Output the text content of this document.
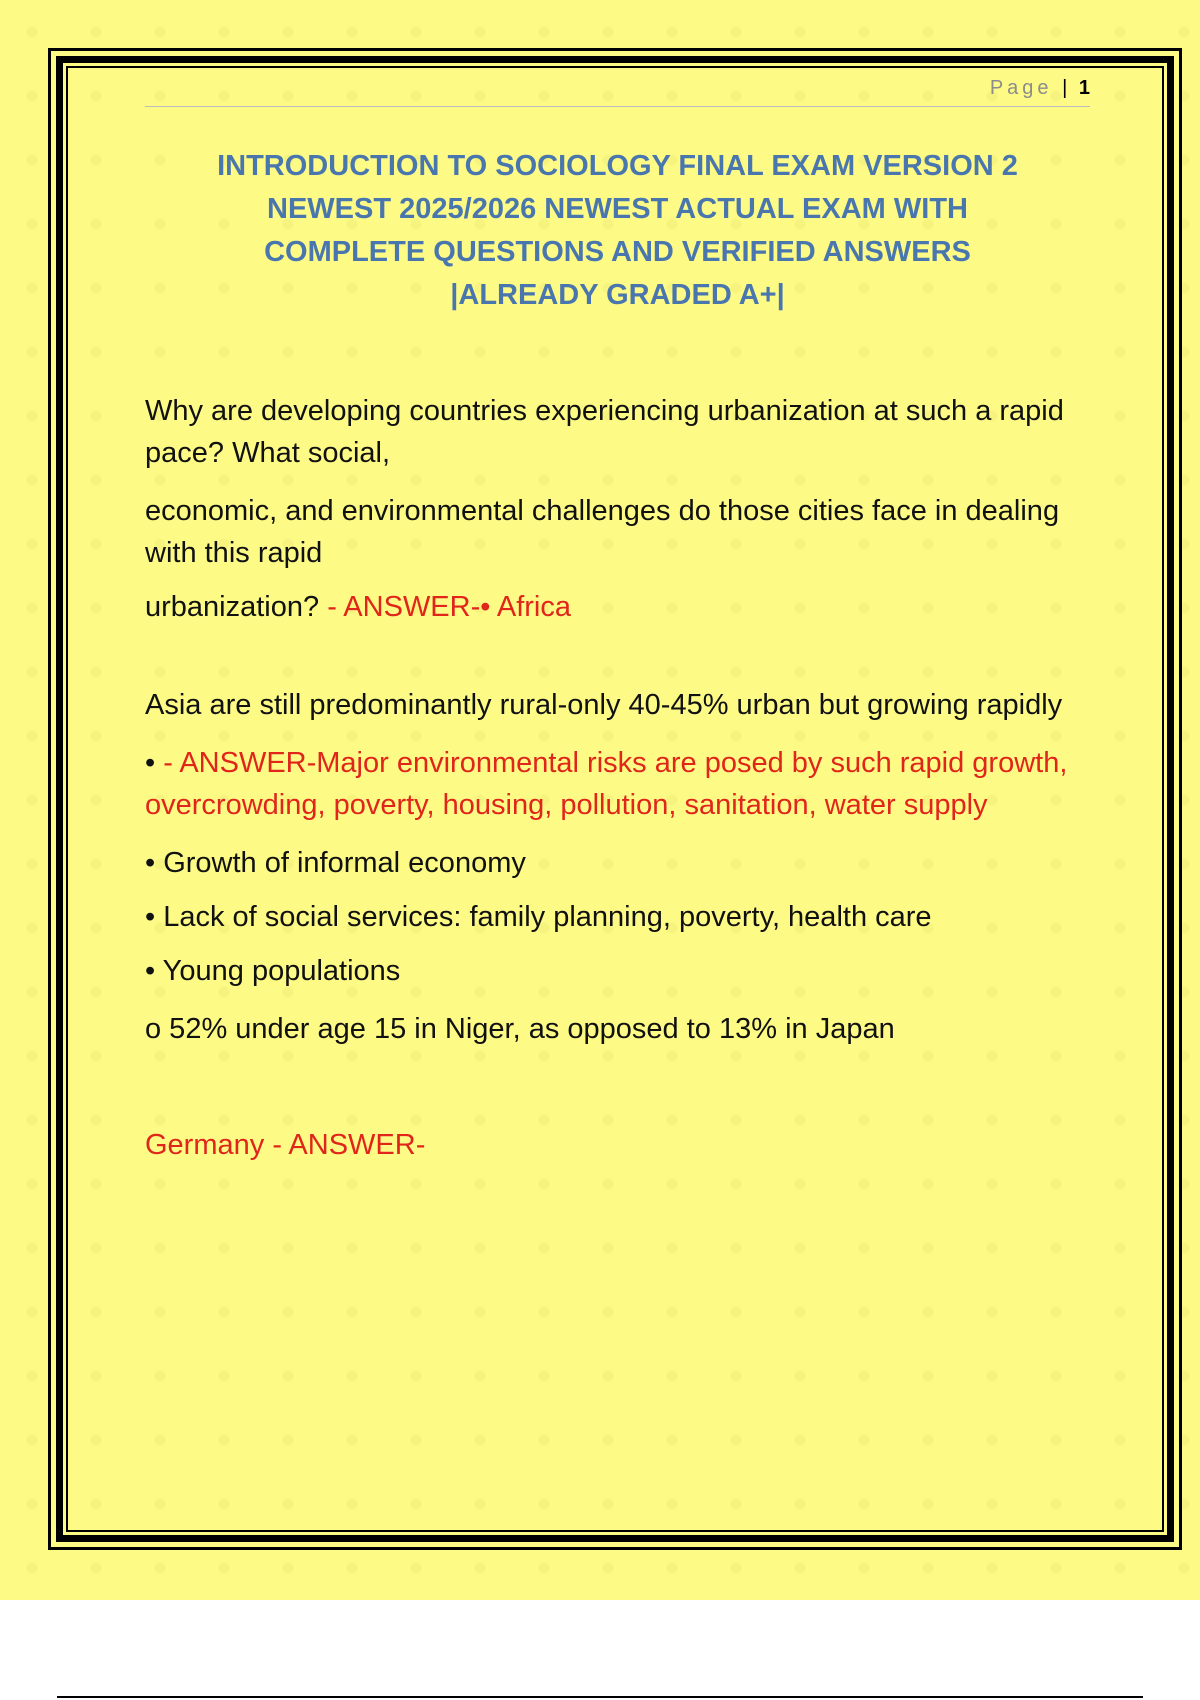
Page | 1
INTRODUCTION TO SOCIOLOGY FINAL EXAM VERSION 2
NEWEST 2025/2026 NEWEST ACTUAL EXAM WITH
COMPLETE QUESTIONS AND VERIFIED ANSWERS
|ALREADY GRADED A+|

Why are developing countries experiencing urbanization at such a rapid pace? What social,

economic, and environmental challenges do those cities face in dealing with this rapid

urbanization? - ANSWER-• Africa

Asia are still predominantly rural-only 40-45% urban but growing rapidly

• - ANSWER-Major environmental risks are posed by such rapid growth, overcrowding, poverty, housing, pollution, sanitation, water supply

• Growth of informal economy

• Lack of social services: family planning, poverty, health care

• Young populations

o 52% under age 15 in Niger, as opposed to 13% in Japan

Germany - ANSWER-
